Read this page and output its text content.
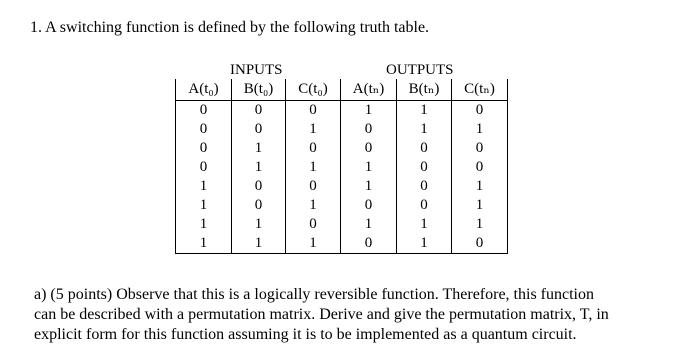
1. A switching function is defined by the following truth table.
INPUTS	OUTPUTS
A(t₀)	B(t₀)	C(t₀)	A(tₙ)	B(tₙ)	C(tₙ)
0	0	0	1	1	0
0	0	1	0	1	1
0	1	0	0	0	0
0	1	1	1	0	0
1	0	0	1	0	1
1	0	1	0	0	1
1	1	0	1	1	1
1	1	1	0	1	0

a) (5 points) Observe that this is a logically reversible function. Therefore, this function

can be described with a permutation matrix. Derive and give the permutation matrix, T, in

explicit form for this function assuming it is to be implemented as a quantum circuit.
